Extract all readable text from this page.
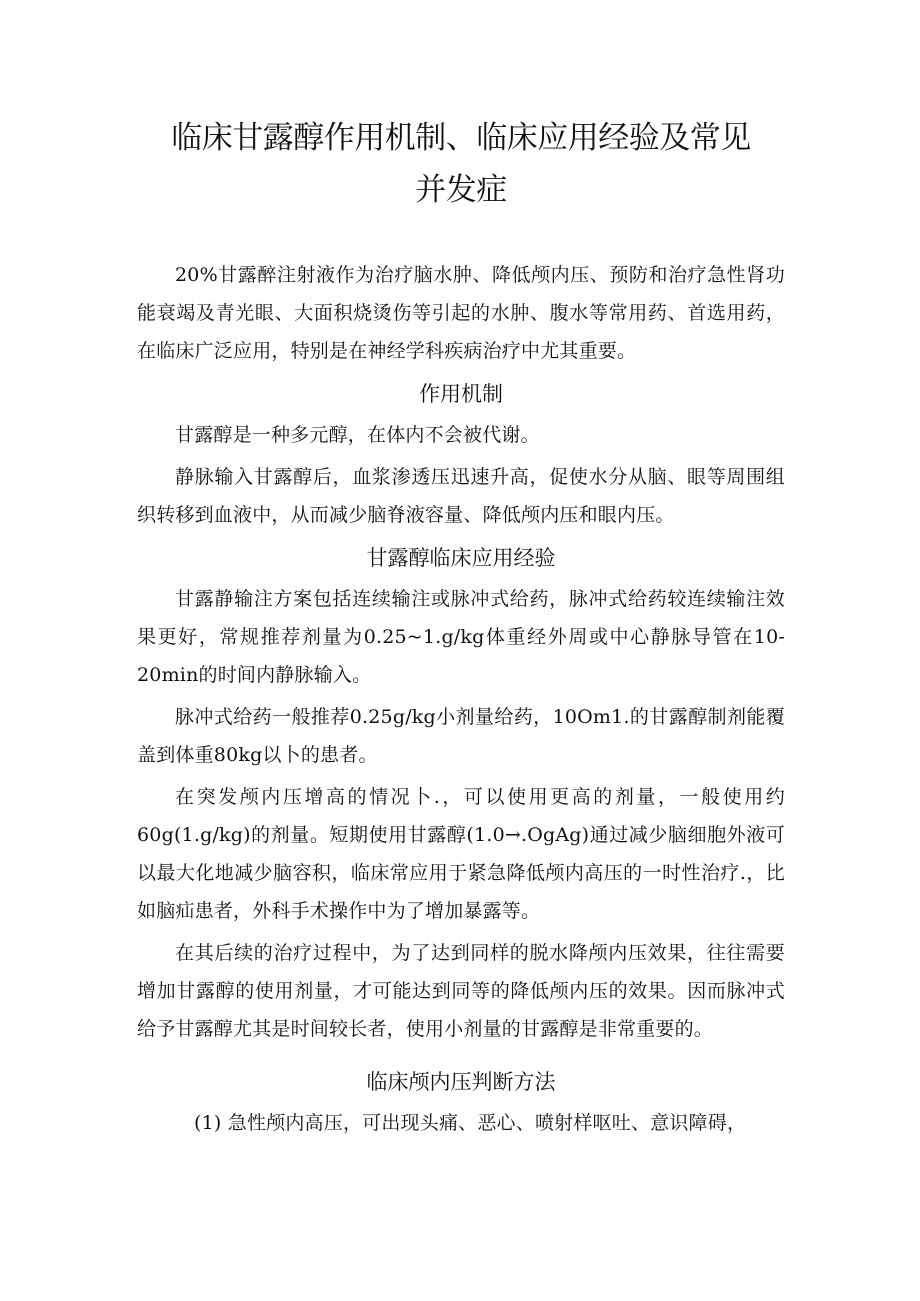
临床甘露醇作用机制、临床应用经验及常见
并发症

20%甘露醉注射液作为治疗脑水肿、降低颅内压、预防和治疗急性肾功能衰竭及青光眼、大面积烧烫伤等引起的水肿、腹水等常用药、首选用药，在临床广泛应用，特别是在神经学科疾病治疗中尤其重要。

作用机制

甘露醇是一种多元醇，在体内不会被代谢。

静脉输入甘露醇后，血浆渗透压迅速升高，促使水分从脑、眼等周围组织转移到血液中，从而减少脑脊液容量、降低颅内压和眼内压。

甘露醇临床应用经验

甘露静输注方案包括连续输注或脉冲式给药，脉冲式给药较连续输注效果更好，常规推荐剂量为0.25~1.g∕kg体重经外周或中心静脉导管在10-20min的时间内静脉输入。

脉冲式给药一般推荐0.25g∕kg小剂量给药，10Om1.的甘露醇制剂能覆盖到体重80kg以卜的患者。

在突发颅内压增高的情况卜.，可以使用更高的剂量，一般使用约60g(1.g∕kg)的剂量。短期使用甘露醇(1.0→.OgAg)通过减少脑细胞外液可以最大化地减少脑容积，临床常应用于紧急降低颅内高压的一时性治疗.，比如脑疝患者，外科手术操作中为了增加暴露等。

在其后续的治疗过程中，为了达到同样的脱水降颅内压效果，往往需要增加甘露醇的使用剂量，才可能达到同等的降低颅内压的效果。因而脉冲式给予甘露醇尤其是时间较长者，使用小剂量的甘露醇是非常重要的。

临床颅内压判断方法

(1) 急性颅内高压，可出现头痛、恶心、喷射样呕吐、意识障碍，
